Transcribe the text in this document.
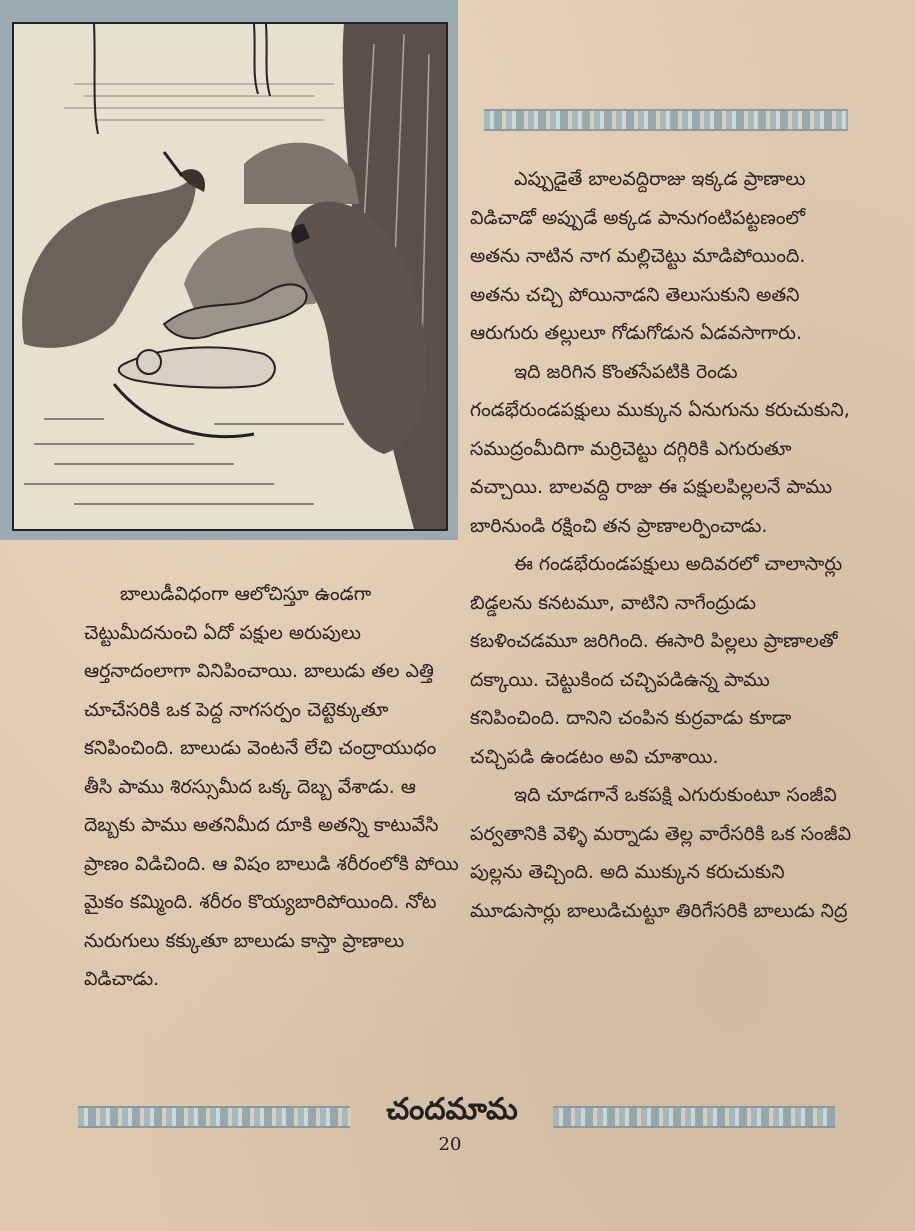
ఎప్పుడైతే బాలవద్దిరాజు ఇక్కడ ప్రాణాలు విడిచాడో అప్పుడే అక్కడ పానుగంటిపట్టణంలో అతను నాటిన నాగ మల్లిచెట్టు మాడిపోయింది. అతను చచ్చి పోయినాడని తెలుసుకుని అతని ఆరుగురు తల్లులూ గోడుగోడున ఏడవసాగారు.

ఇది జరిగిన కొంతసేపటికి రెండు గండభేరుండపక్షులు ముక్కున ఏనుగును కరుచుకుని, సముద్రంమీదిగా మర్రిచెట్టు దగ్గిరికి ఎగురుతూ వచ్చాయి. బాలవద్ది రాజు ఈ పక్షులపిల్లలనే పాము బారినుండి రక్షించి తన ప్రాణాలర్పించాడు.

ఈ గండభేరుండపక్షులు అదివరలో చాలాసార్లు బిడ్డలను కనటమూ, వాటిని నాగేంద్రుడు కబళించడమూ జరిగింది. ఈసారి పిల్లలు ప్రాణాలతో దక్కాయి. చెట్టుకింద చచ్చిపడిఉన్న పాము కనిపించింది. దానిని చంపిన కుర్రవాడు కూడా చచ్చిపడి ఉండటం అవి చూశాయి.

ఇది చూడగానే ఒకపక్షి ఎగురుకుంటూ సంజీవి పర్వతానికి వెళ్ళి మర్నాడు తెల్ల వారేసరికి ఒక సంజీవి పుల్లను తెచ్చింది. అది ముక్కున కరుచుకుని మూడుసార్లు బాలుడిచుట్టూ తిరిగేసరికి బాలుడు నిద్ర

బాలుడీవిధంగా ఆలోచిస్తూ ఉండగా చెట్టుమీదనుంచి ఏదో పక్షుల అరుపులు ఆర్తనాదంలాగా వినిపించాయి. బాలుడు తల ఎత్తి చూచేసరికి ఒక పెద్ద నాగసర్పం చెట్టెక్కుతూ కనిపించింది. బాలుడు వెంటనే లేచి చంద్రాయుధం తీసి పాము శిరస్సుమీద ఒక్క దెబ్బ వేశాడు. ఆ దెబ్బకు పాము అతనిమీద దూకి అతన్ని కాటువేసి ప్రాణం విడిచింది. ఆ విషం బాలుడి శరీరంలోకి పోయి మైకం కమ్మింది. శరీరం కొయ్యబారిపోయింది. నోట నురుగులు కక్కుతూ బాలుడు కాస్తా ప్రాణాలు విడిచాడు.

చందమామ
20
